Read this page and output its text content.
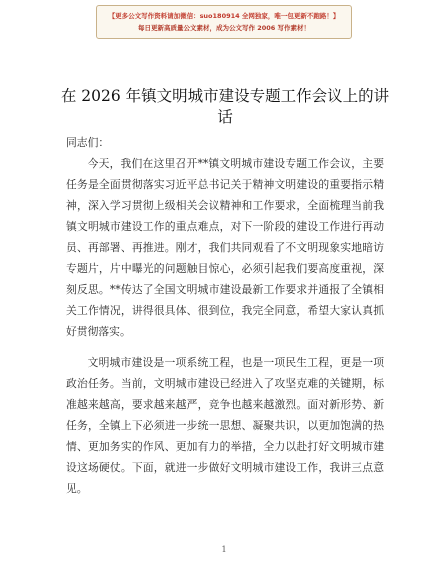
【更多公文写作资料请加微信：suo180914 全网独家，唯一包更新不跑路！】
每日更新高质量公文素材，成为公文写作 2006 写作素材！
在 2026 年镇文明城市建设专题工作会议上的讲话

同志们：

今天，我们在这里召开**镇文明城市建设专题工作会议，主要任务是全面贯彻落实习近平总书记关于精神文明建设的重要指示精神，深入学习贯彻上级相关会议精神和工作要求，全面梳理当前我镇文明城市建设工作的重点难点，对下一阶段的建设工作进行再动员、再部署、再推进。刚才，我们共同观看了不文明现象实地暗访专题片，片中曝光的问题触目惊心，必须引起我们要高度重视，深刻反思。**传达了全国文明城市建设最新工作要求并通报了全镇相关工作情况，讲得很具体、很到位，我完全同意，希望大家认真抓好贯彻落实。

文明城市建设是一项系统工程，也是一项民生工程，更是一项政治任务。当前，文明城市建设已经进入了攻坚克难的关键期，标准越来越高，要求越来越严，竞争也越来越激烈。面对新形势、新任务，全镇上下必须进一步统一思想、凝聚共识，以更加饱满的热情、更加务实的作风、更加有力的举措，全力以赴打好文明城市建设这场硬仗。下面，就进一步做好文明城市建设工作，我讲三点意见。

1
